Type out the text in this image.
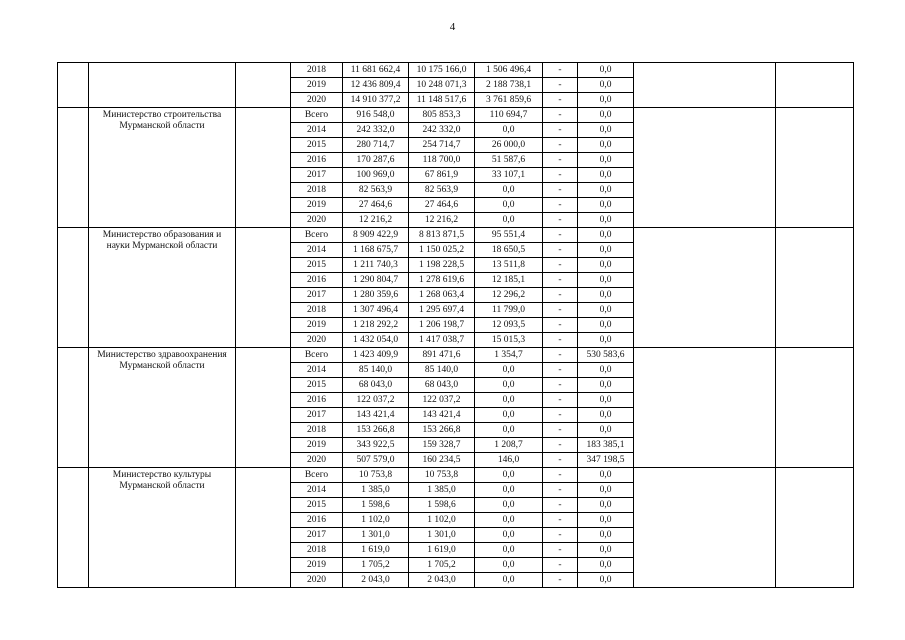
4
			2018	11 681 662,4	10 175 166,0	1 506 496,4	-	0,0		
			2019	12 436 809,4	10 248 071,3	2 188 738,1	-	0,0		
			2020	14 910 377,2	11 148 517,6	3 761 859,6	-	0,0		
	Министерство строительства Мурманской области		Всего	916 548,0	805 853,3	110 694,7	-	0,0		
			2014	242 332,0	242 332,0	0,0	-	0,0		
			2015	280 714,7	254 714,7	26 000,0	-	0,0		
			2016	170 287,6	118 700,0	51 587,6	-	0,0		
			2017	100 969,0	67 861,9	33 107,1	-	0,0		
			2018	82 563,9	82 563,9	0,0	-	0,0		
			2019	27 464,6	27 464,6	0,0	-	0,0		
			2020	12 216,2	12 216,2	0,0	-	0,0		
	Министерство образования и науки Мурманской области		Всего	8 909 422,9	8 813 871,5	95 551,4	-	0,0		
			2014	1 168 675,7	1 150 025,2	18 650,5	-	0,0		
			2015	1 211 740,3	1 198 228,5	13 511,8	-	0,0		
			2016	1 290 804,7	1 278 619,6	12 185,1	-	0,0		
			2017	1 280 359,6	1 268 063,4	12 296,2	-	0,0		
			2018	1 307 496,4	1 295 697,4	11 799,0	-	0,0		
			2019	1 218 292,2	1 206 198,7	12 093,5	-	0,0		
			2020	1 432 054,0	1 417 038,7	15 015,3	-	0,0		
	Министерство здравоохранения Мурманской области		Всего	1 423 409,9	891 471,6	1 354,7	-	530 583,6		
			2014	85 140,0	85 140,0	0,0	-	0,0		
			2015	68 043,0	68 043,0	0,0	-	0,0		
			2016	122 037,2	122 037,2	0,0	-	0,0		
			2017	143 421,4	143 421,4	0,0	-	0,0		
			2018	153 266,8	153 266,8	0,0	-	0,0		
			2019	343 922,5	159 328,7	1 208,7	-	183 385,1		
			2020	507 579,0	160 234,5	146,0	-	347 198,5		
	Министерство культуры Мурманской области		Всего	10 753,8	10 753,8	0,0	-	0,0		
			2014	1 385,0	1 385,0	0,0	-	0,0		
			2015	1 598,6	1 598,6	0,0	-	0,0		
			2016	1 102,0	1 102,0	0,0	-	0,0		
			2017	1 301,0	1 301,0	0,0	-	0,0		
			2018	1 619,0	1 619,0	0,0	-	0,0		
			2019	1 705,2	1 705,2	0,0	-	0,0		
			2020	2 043,0	2 043,0	0,0	-	0,0		
